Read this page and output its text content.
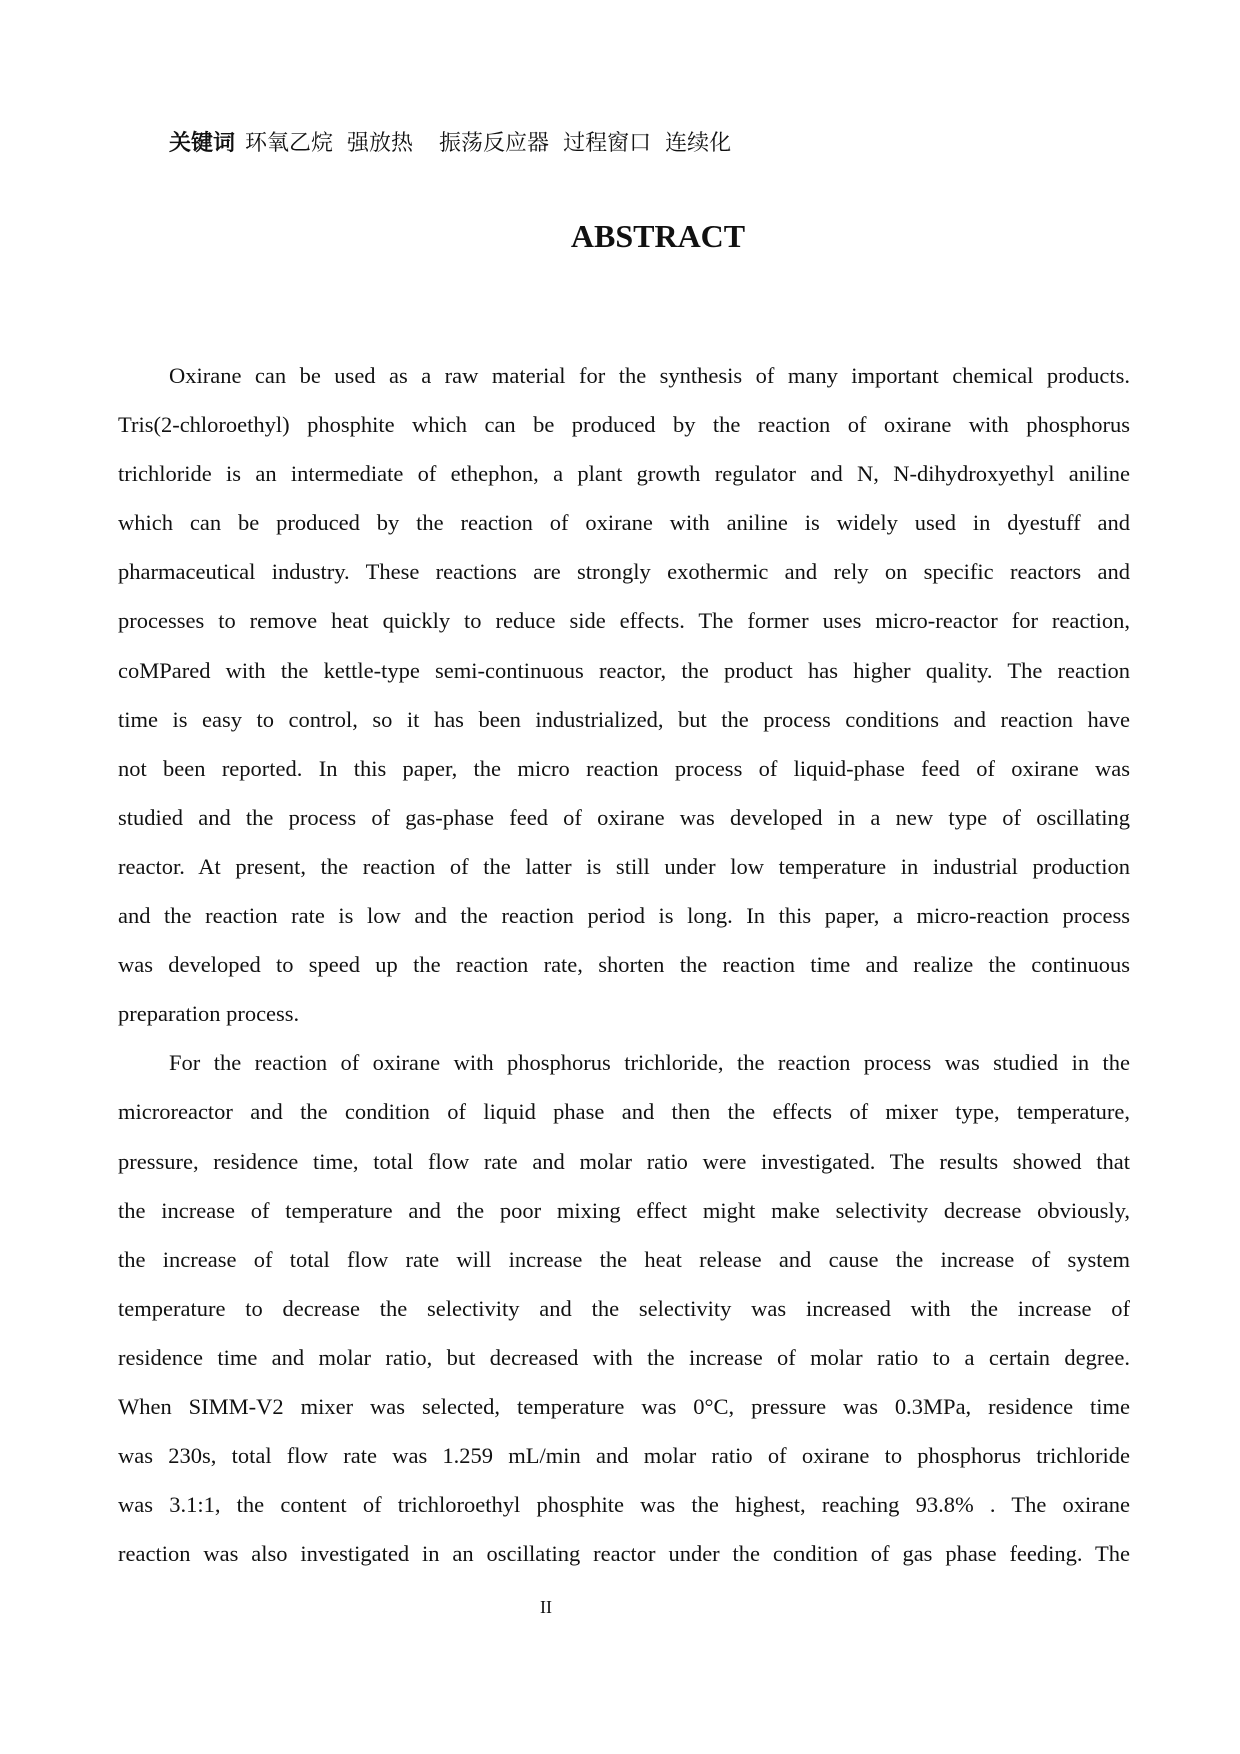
关键词 环氧乙烷 强放热 振荡反应器 过程窗口 连续化
ABSTRACT
Oxirane can be used as a raw material for the synthesis of many important chemical products.
Tris(2-chloroethyl) phosphite which can be produced by the reaction of oxirane with phosphorus
trichloride is an intermediate of ethephon, a plant growth regulator and N, N-dihydroxyethyl aniline
which can be produced by the reaction of oxirane with aniline is widely used in dyestuff and
pharmaceutical industry. These reactions are strongly exothermic and rely on specific reactors and
processes to remove heat quickly to reduce side effects. The former uses micro-reactor for reaction,
coMPared with the kettle-type semi-continuous reactor, the product has higher quality. The reaction
time is easy to control, so it has been industrialized, but the process conditions and reaction have
not been reported. In this paper, the micro reaction process of liquid-phase feed of oxirane was
studied and the process of gas-phase feed of oxirane was developed in a new type of oscillating
reactor. At present, the reaction of the latter is still under low temperature in industrial production
and the reaction rate is low and the reaction period is long. In this paper, a micro-reaction process
was developed to speed up the reaction rate, shorten the reaction time and realize the continuous
preparation process.
For the reaction of oxirane with phosphorus trichloride, the reaction process was studied in the
microreactor and the condition of liquid phase and then the effects of mixer type, temperature,
pressure, residence time, total flow rate and molar ratio were investigated. The results showed that
the increase of temperature and the poor mixing effect might make selectivity decrease obviously,
the increase of total flow rate will increase the heat release and cause the increase of system
temperature to decrease the selectivity and the selectivity was increased with the increase of
residence time and molar ratio, but decreased with the increase of molar ratio to a certain degree.
When SIMM-V2 mixer was selected, temperature was 0°C, pressure was 0.3MPa, residence time
was 230s, total flow rate was 1.259 mL/min and molar ratio of oxirane to phosphorus trichloride
was 3.1:1, the content of trichloroethyl phosphite was the highest, reaching 93.8% . The oxirane
reaction was also investigated in an oscillating reactor under the condition of gas phase feeding. The
II
